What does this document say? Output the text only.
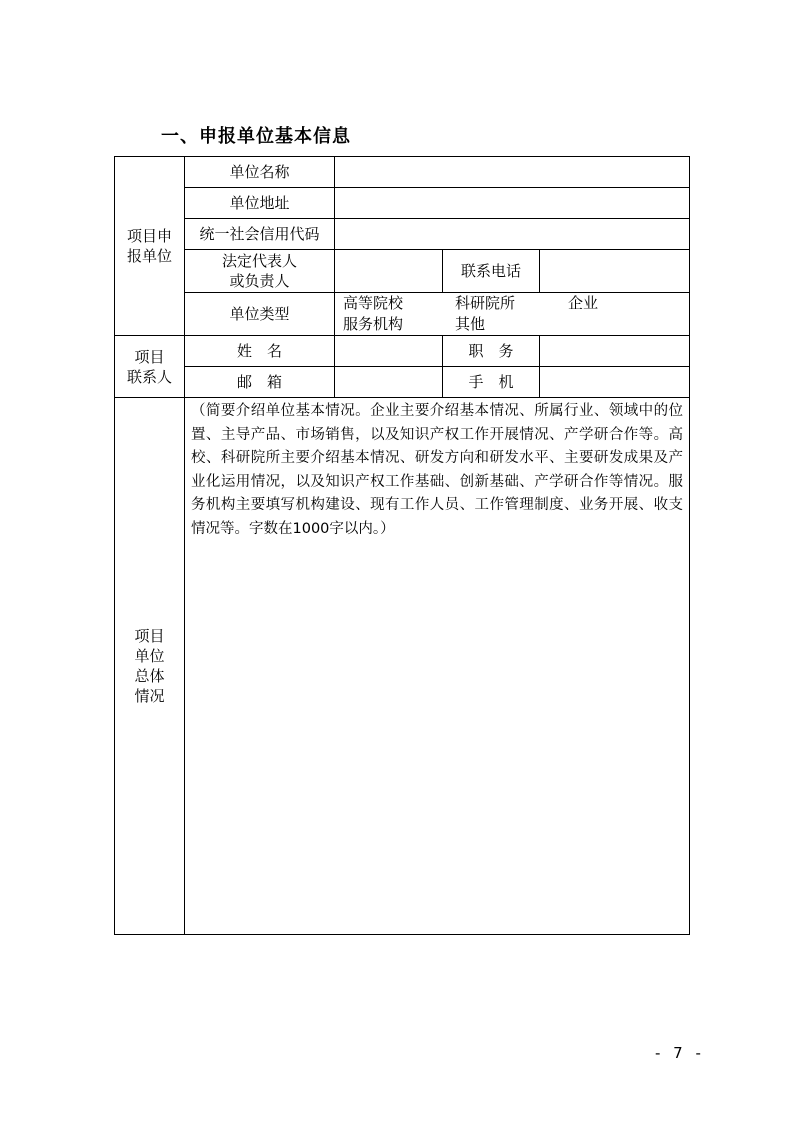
一、申报单位基本信息
项目申
报单位	单位名称			
	单位地址			
	统一社会信用代码			

	法定代表人
或负责人		联系电话	
	单位类型	高等院校 科研院所 企业
服务机构 其他		

项目
联系人	姓　名		职　务	
	邮　箱		手　机	

项目
单位
总体
情况	（简要介绍单位基本情况。企业主要介绍基本情况、所属行业、领域中的位置、主导产品、市场销售，以及知识产权工作开展情况、产学研合作等。高校、科研院所主要介绍基本情况、研发方向和研发水平、主要研发成果及产业化运用情况，以及知识产权工作基础、创新基础、产学研合作等情况。服务机构主要填写机构建设、现有工作人员、工作管理制度、业务开展、收支情况等。字数在1000字以内。）			
- 7 -
